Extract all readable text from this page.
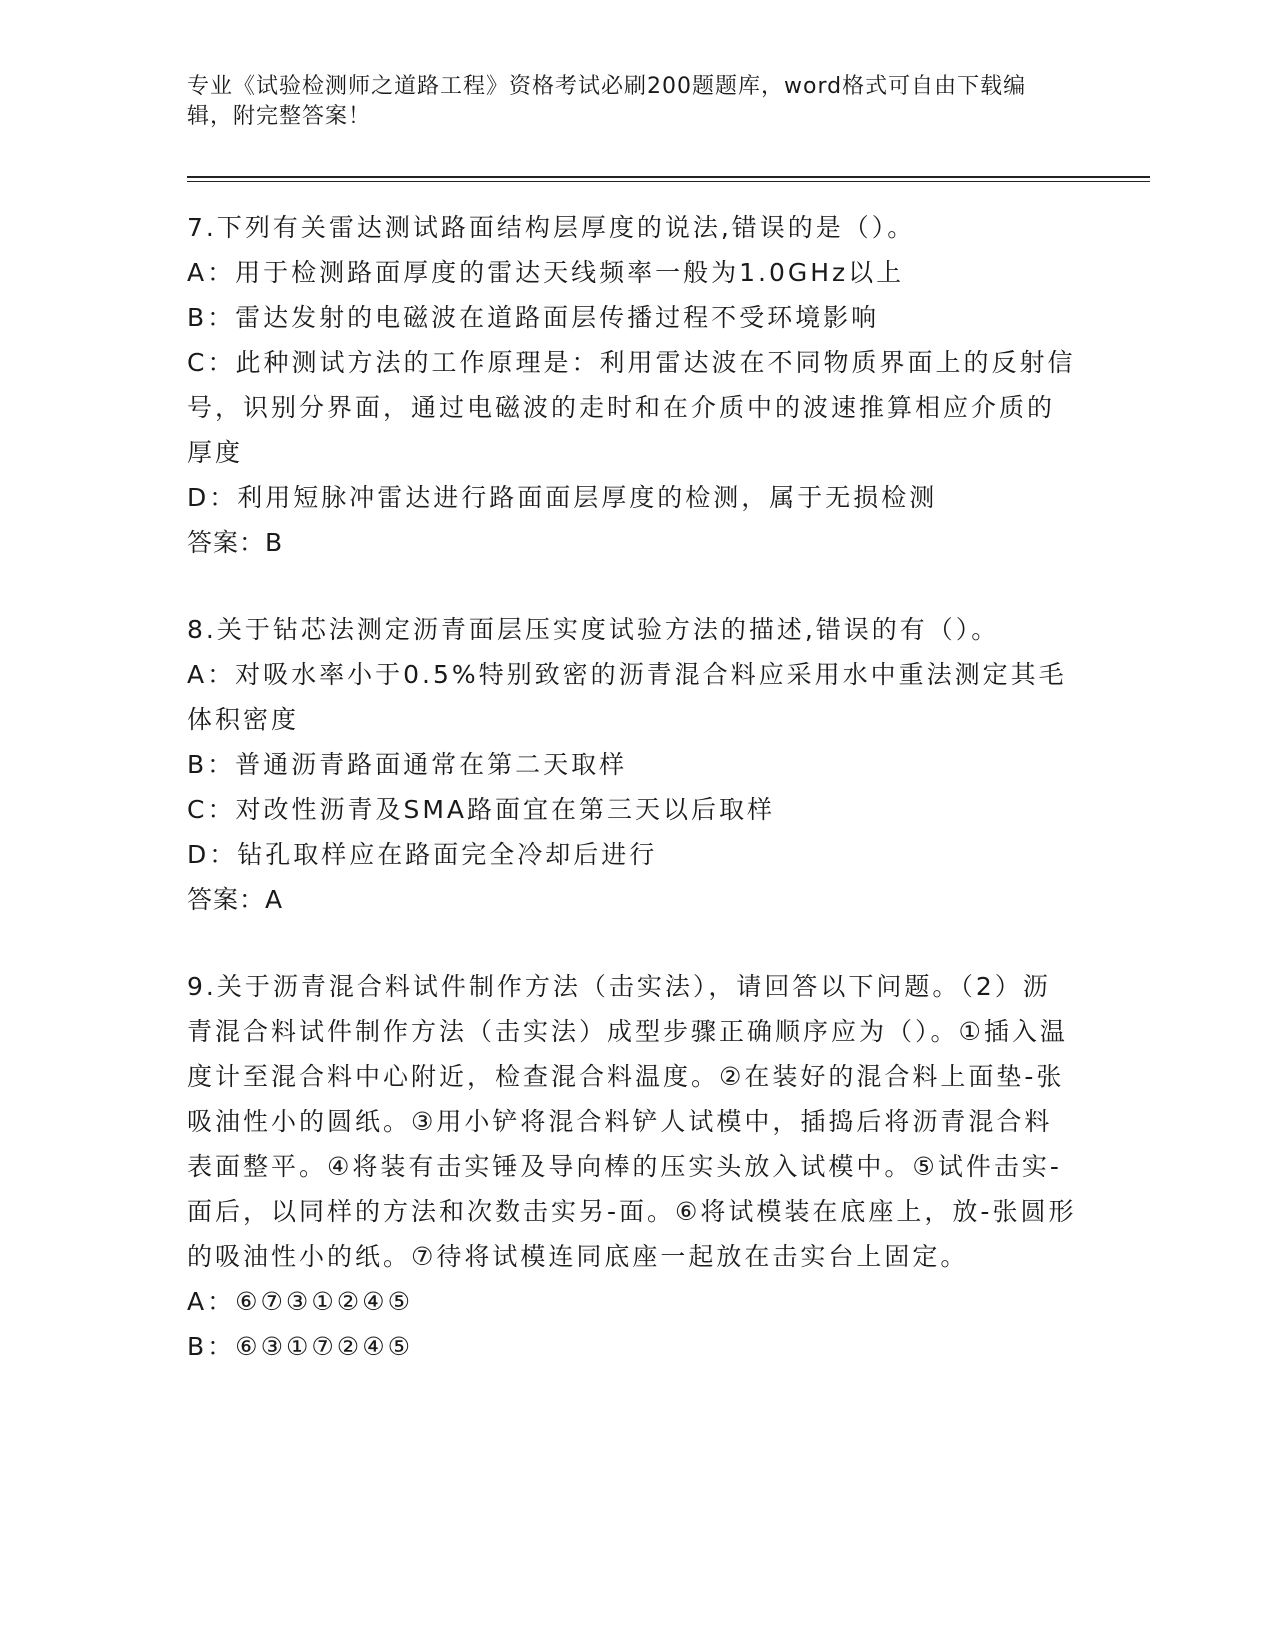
专业《试验检测师之道路工程》资格考试必刷200题题库，word格式可自由下载编辑，附完整答案！
7.下列有关雷达测试路面结构层厚度的说法,错误的是（）。
A：用于检测路面厚度的雷达天线频率一般为1.0GHz以上
B：雷达发射的电磁波在道路面层传播过程不受环境影响
C：此种测试方法的工作原理是：利用雷达波在不同物质界面上的反射信号，识别分界面，通过电磁波的走时和在介质中的波速推算相应介质的厚度
D：利用短脉冲雷达进行路面面层厚度的检测，属于无损检测
答案：B
8.关于钻芯法测定沥青面层压实度试验方法的描述,错误的有（）。
A：对吸水率小于0.5%特别致密的沥青混合料应采用水中重法测定其毛体积密度
B：普通沥青路面通常在第二天取样
C：对改性沥青及SMA路面宜在第三天以后取样
D：钻孔取样应在路面完全冷却后进行
答案：A
9.关于沥青混合料试件制作方法（击实法），请回答以下问题。（2）沥青混合料试件制作方法（击实法）成型步骤正确顺序应为（）。①插入温度计至混合料中心附近，检查混合料温度。②在装好的混合料上面垫-张吸油性小的圆纸。③用小铲将混合料铲人试模中，插捣后将沥青混合料表面整平。④将装有击实锤及导向棒的压实头放入试模中。⑤试件击实-面后，以同样的方法和次数击实另-面。⑥将试模装在底座上，放-张圆形的吸油性小的纸。⑦待将试模连同底座一起放在击实台上固定。
A：⑥⑦③①②④⑤
B：⑥③①⑦②④⑤
